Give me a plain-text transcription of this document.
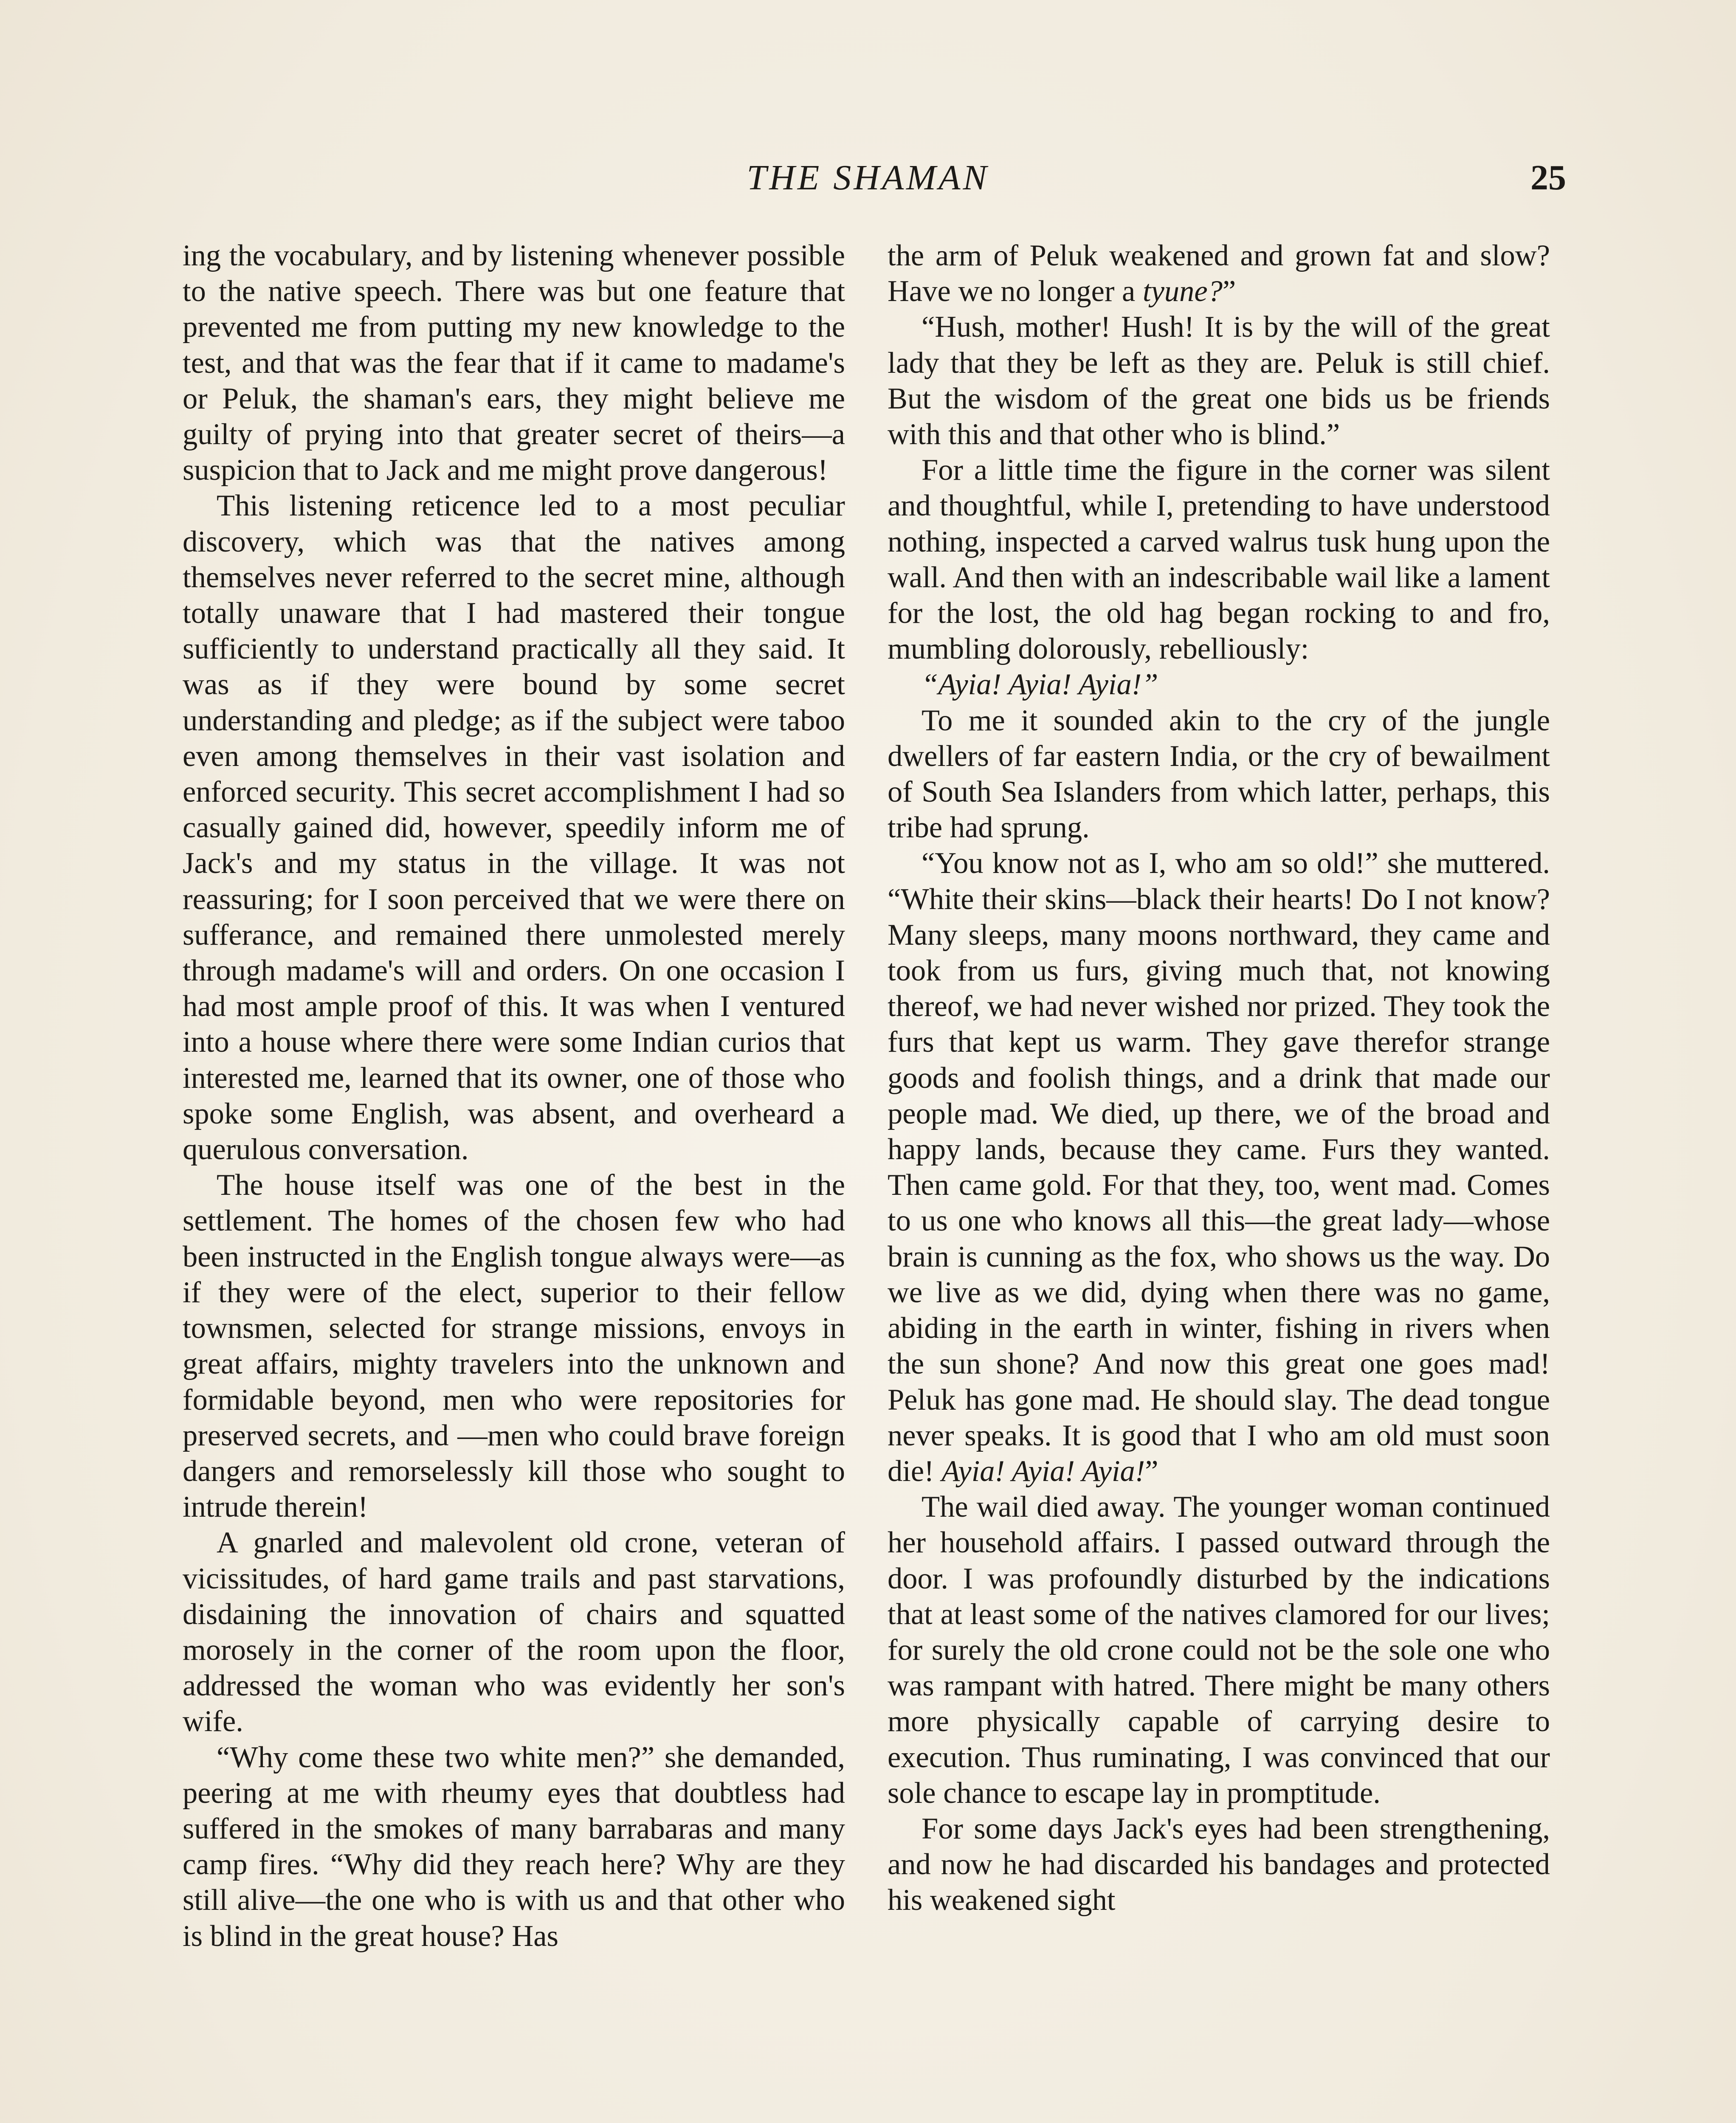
THE SHAMAN	25

ing the vocabulary, and by listening whenever possible to the native speech. There was but one feature that prevented me from putting my new knowledge to the test, and that was the fear that if it came to madame's or Peluk, the shaman's ears, they might believe me guilty of prying into that greater secret of theirs—a suspicion that to Jack and me might prove dangerous!

This listening reticence led to a most peculiar discovery, which was that the natives among themselves never referred to the secret mine, although totally unaware that I had mastered their tongue sufficiently to understand practically all they said. It was as if they were bound by some secret understanding and pledge; as if the subject were taboo even among themselves in their vast isolation and enforced security. This secret accomplishment I had so casually gained did, however, speedily inform me of Jack's and my status in the village. It was not reassuring; for I soon perceived that we were there on sufferance, and remained there unmolested merely through madame's will and orders. On one occasion I had most ample proof of this. It was when I ventured into a house where there were some Indian curios that interested me, learned that its owner, one of those who spoke some English, was absent, and overheard a querulous conversation.

The house itself was one of the best in the settlement. The homes of the chosen few who had been instructed in the English tongue always were—as if they were of the elect, superior to their fellow townsmen, selected for strange missions, envoys in great affairs, mighty travelers into the unknown and formidable beyond, men who were repositories for preserved secrets, and —men who could brave foreign dangers and remorselessly kill those who sought to intrude therein!

A gnarled and malevolent old crone, veteran of vicissitudes, of hard game trails and past starvations, disdaining the innovation of chairs and squatted morosely in the corner of the room upon the floor, addressed the woman who was evidently her son's wife.

“Why come these two white men?” she demanded, peering at me with rheumy eyes that doubtless had suffered in the smokes of many barrabaras and many camp fires. “Why did they reach here? Why are they still alive—the one who is with us and that other who is blind in the great house? Has

the arm of Peluk weakened and grown fat and slow? Have we no longer a tyune?”

“Hush, mother! Hush! It is by the will of the great lady that they be left as they are. Peluk is still chief. But the wisdom of the great one bids us be friends with this and that other who is blind.”

For a little time the figure in the corner was silent and thoughtful, while I, pretending to have understood nothing, inspected a carved walrus tusk hung upon the wall. And then with an indescribable wail like a lament for the lost, the old hag began rocking to and fro, mumbling dolorously, rebelliously:

“Ayia! Ayia! Ayia!”

To me it sounded akin to the cry of the jungle dwellers of far eastern India, or the cry of bewailment of South Sea Islanders from which latter, perhaps, this tribe had sprung.

“You know not as I, who am so old!” she muttered. “White their skins—black their hearts! Do I not know? Many sleeps, many moons northward, they came and took from us furs, giving much that, not knowing thereof, we had never wished nor prized. They took the furs that kept us warm. They gave therefor strange goods and foolish things, and a drink that made our people mad. We died, up there, we of the broad and happy lands, because they came. Furs they wanted. Then came gold. For that they, too, went mad. Comes to us one who knows all this—the great lady—whose brain is cunning as the fox, who shows us the way. Do we live as we did, dying when there was no game, abiding in the earth in winter, fishing in rivers when the sun shone? And now this great one goes mad! Peluk has gone mad. He should slay. The dead tongue never speaks. It is good that I who am old must soon die! Ayia! Ayia! Ayia!”

The wail died away. The younger woman continued her household affairs. I passed outward through the door. I was profoundly disturbed by the indications that at least some of the natives clamored for our lives; for surely the old crone could not be the sole one who was rampant with hatred. There might be many others more physically capable of carrying desire to execution. Thus ruminating, I was convinced that our sole chance to escape lay in promptitude.

For some days Jack's eyes had been strengthening, and now he had discarded his bandages and protected his weakened sight
